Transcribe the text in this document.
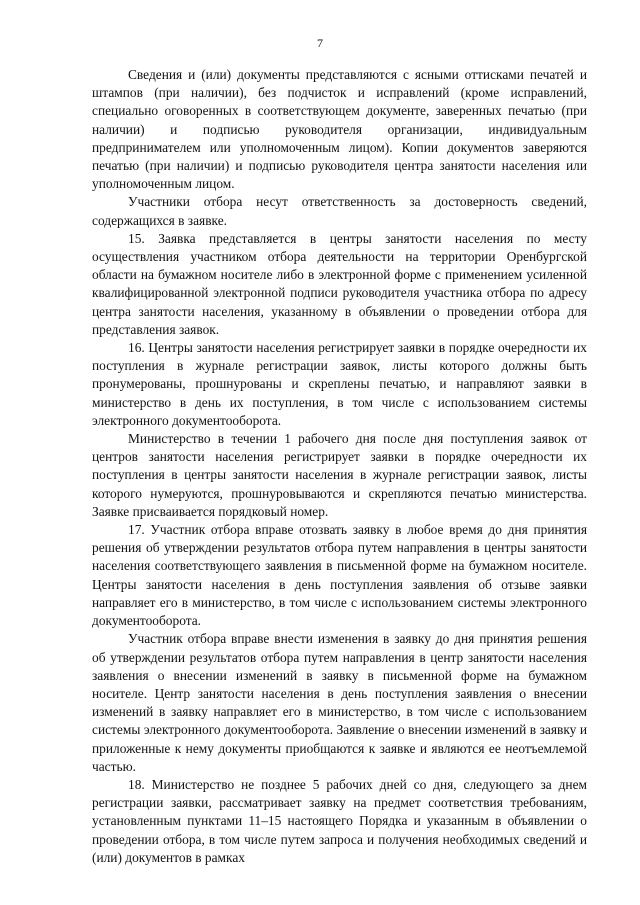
7

Сведения и (или) документы представляются с ясными оттисками печатей и штампов (при наличии), без подчисток и исправлений (кроме исправлений, специально оговоренных в соответствующем документе, заверенных печатью (при наличии) и подписью руководителя организации, индивидуальным предпринимателем или уполномоченным лицом). Копии документов заверяются печатью (при наличии) и подписью руководителя центра занятости населения или уполномоченным лицом.

Участники отбора несут ответственность за достоверность сведений, содержащихся в заявке.

15. Заявка представляется в центры занятости населения по месту осуществления участником отбора деятельности на территории Оренбургской области на бумажном носителе либо в электронной форме с применением усиленной квалифицированной электронной подписи руководителя участника отбора по адресу центра занятости населения, указанному в объявлении о проведении отбора для представления заявок.

16. Центры занятости населения регистрирует заявки в порядке очередности их поступления в журнале регистрации заявок, листы которого должны быть пронумерованы, прошнурованы и скреплены печатью, и направляют заявки в министерство в день их поступления, в том числе с использованием системы электронного документооборота.

Министерство в течении 1 рабочего дня после дня поступления заявок от центров занятости населения регистрирует заявки в порядке очередности их поступления в центры занятости населения в журнале регистрации заявок, листы которого нумеруются, прошнуровываются и скрепляются печатью министерства. Заявке присваивается порядковый номер.

17. Участник отбора вправе отозвать заявку в любое время до дня принятия решения об утверждении результатов отбора путем направления в центры занятости населения соответствующего заявления в письменной форме на бумажном носителе. Центры занятости населения в день поступления заявления об отзыве заявки направляет его в министерство, в том числе с использованием системы электронного документооборота.

Участник отбора вправе внести изменения в заявку до дня принятия решения об утверждении результатов отбора путем направления в центр занятости населения заявления о внесении изменений в заявку в письменной форме на бумажном носителе. Центр занятости населения в день поступления заявления о внесении изменений в заявку направляет его в министерство, в том числе с использованием системы электронного документооборота. Заявление о внесении изменений в заявку и приложенные к нему документы приобщаются к заявке и являются ее неотъемлемой частью.

18. Министерство не позднее 5 рабочих дней со дня, следующего за днем регистрации заявки, рассматривает заявку на предмет соответствия требованиям, установленным пунктами 11–15 настоящего Порядка и указанным в объявлении о проведении отбора, в том числе путем запроса и получения необходимых сведений и (или) документов в рамках
